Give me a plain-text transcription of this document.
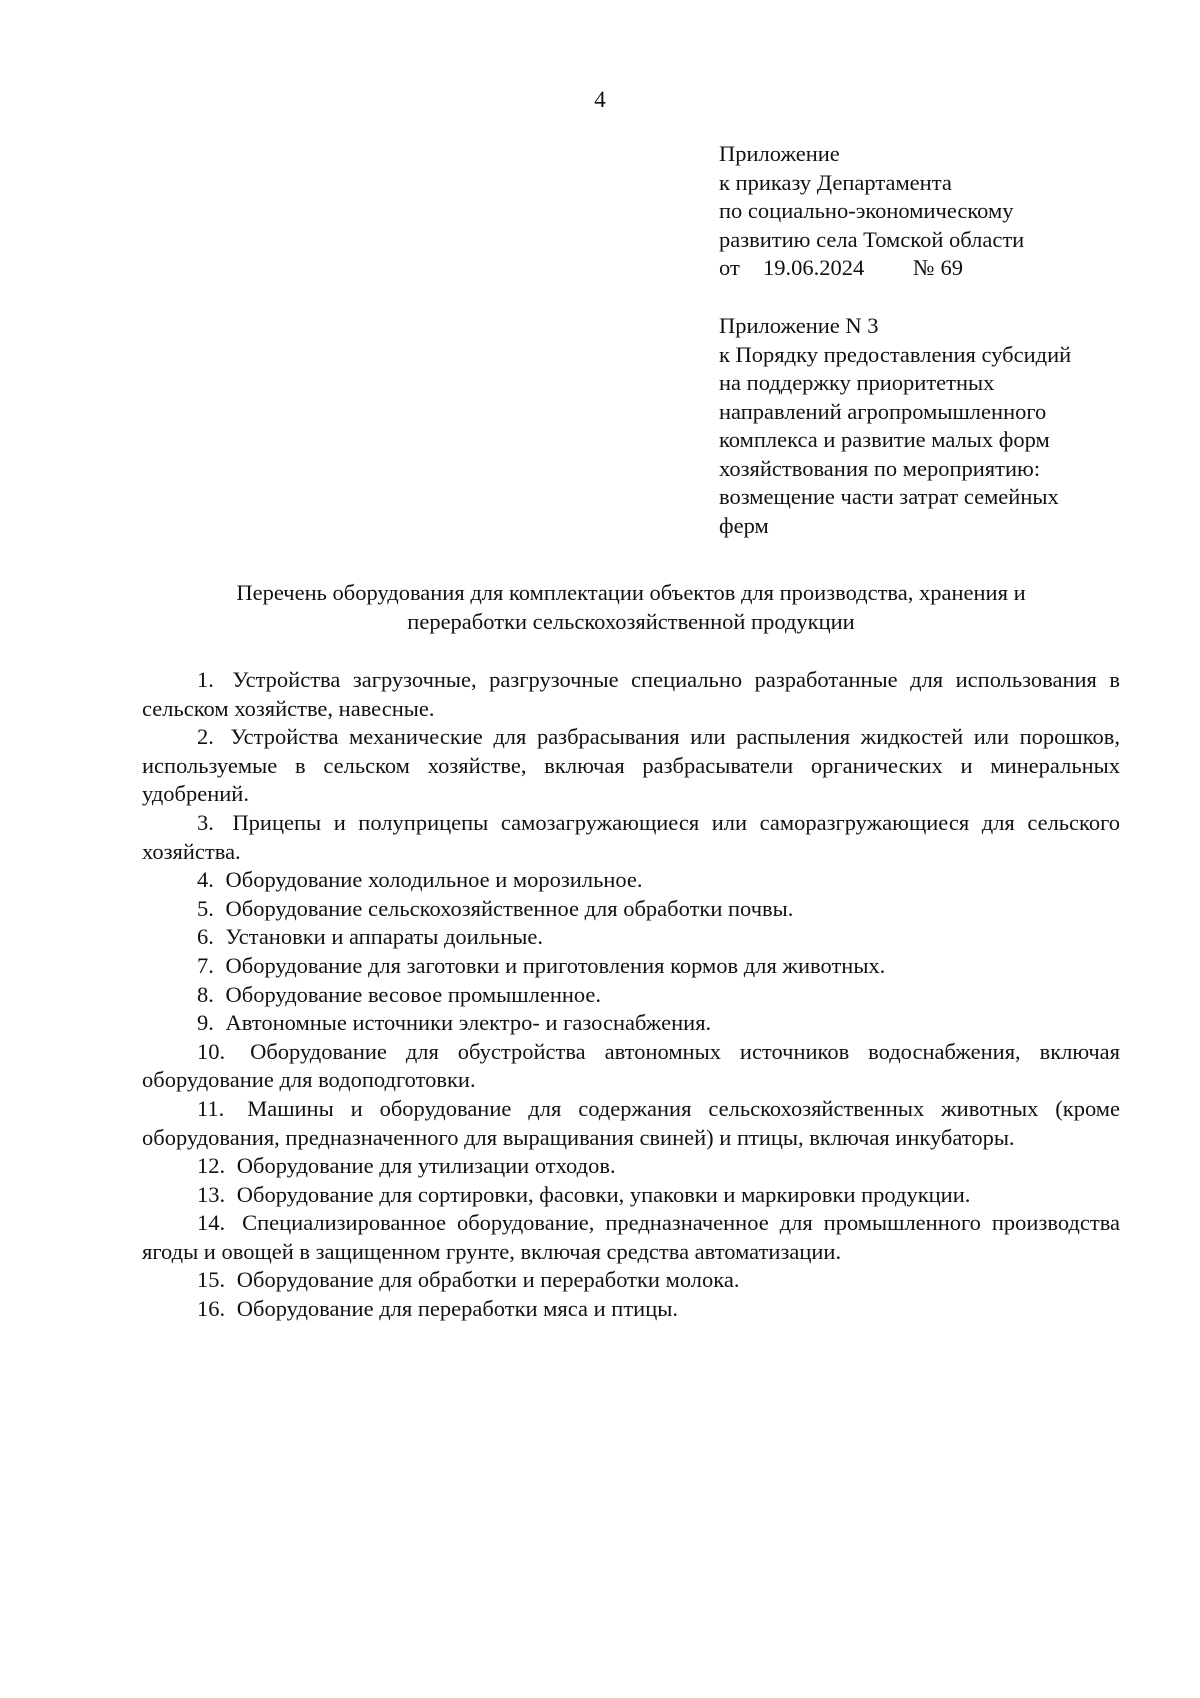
4
Приложение
к приказу Департамента
по социально-экономическому
развитию села Томской области
от 19.06.2024 № 69
Приложение N 3
к Порядку предоставления субсидий
на поддержку приоритетных
направлений агропромышленного
комплекса и развитие малых форм
хозяйствования по мероприятию:
возмещение части затрат семейных
ферм
Перечень оборудования для комплектации объектов для производства, хранения и
переработки сельскохозяйственной продукции
1. Устройства загрузочные, разгрузочные специально разработанные для использования в сельском хозяйстве, навесные.
2. Устройства механические для разбрасывания или распыления жидкостей или порошков, используемые в сельском хозяйстве, включая разбрасыватели органических и минеральных удобрений.
3. Прицепы и полуприцепы самозагружающиеся или саморазгружающиеся для сельского хозяйства.
4. Оборудование холодильное и морозильное.
5. Оборудование сельскохозяйственное для обработки почвы.
6. Установки и аппараты доильные.
7. Оборудование для заготовки и приготовления кормов для животных.
8. Оборудование весовое промышленное.
9. Автономные источники электро- и газоснабжения.
10. Оборудование для обустройства автономных источников водоснабжения, включая оборудование для водоподготовки.
11. Машины и оборудование для содержания сельскохозяйственных животных (кроме оборудования, предназначенного для выращивания свиней) и птицы, включая инкубаторы.
12. Оборудование для утилизации отходов.
13. Оборудование для сортировки, фасовки, упаковки и маркировки продукции.
14. Специализированное оборудование, предназначенное для промышленного производства ягоды и овощей в защищенном грунте, включая средства автоматизации.
15. Оборудование для обработки и переработки молока.
16. Оборудование для переработки мяса и птицы.
